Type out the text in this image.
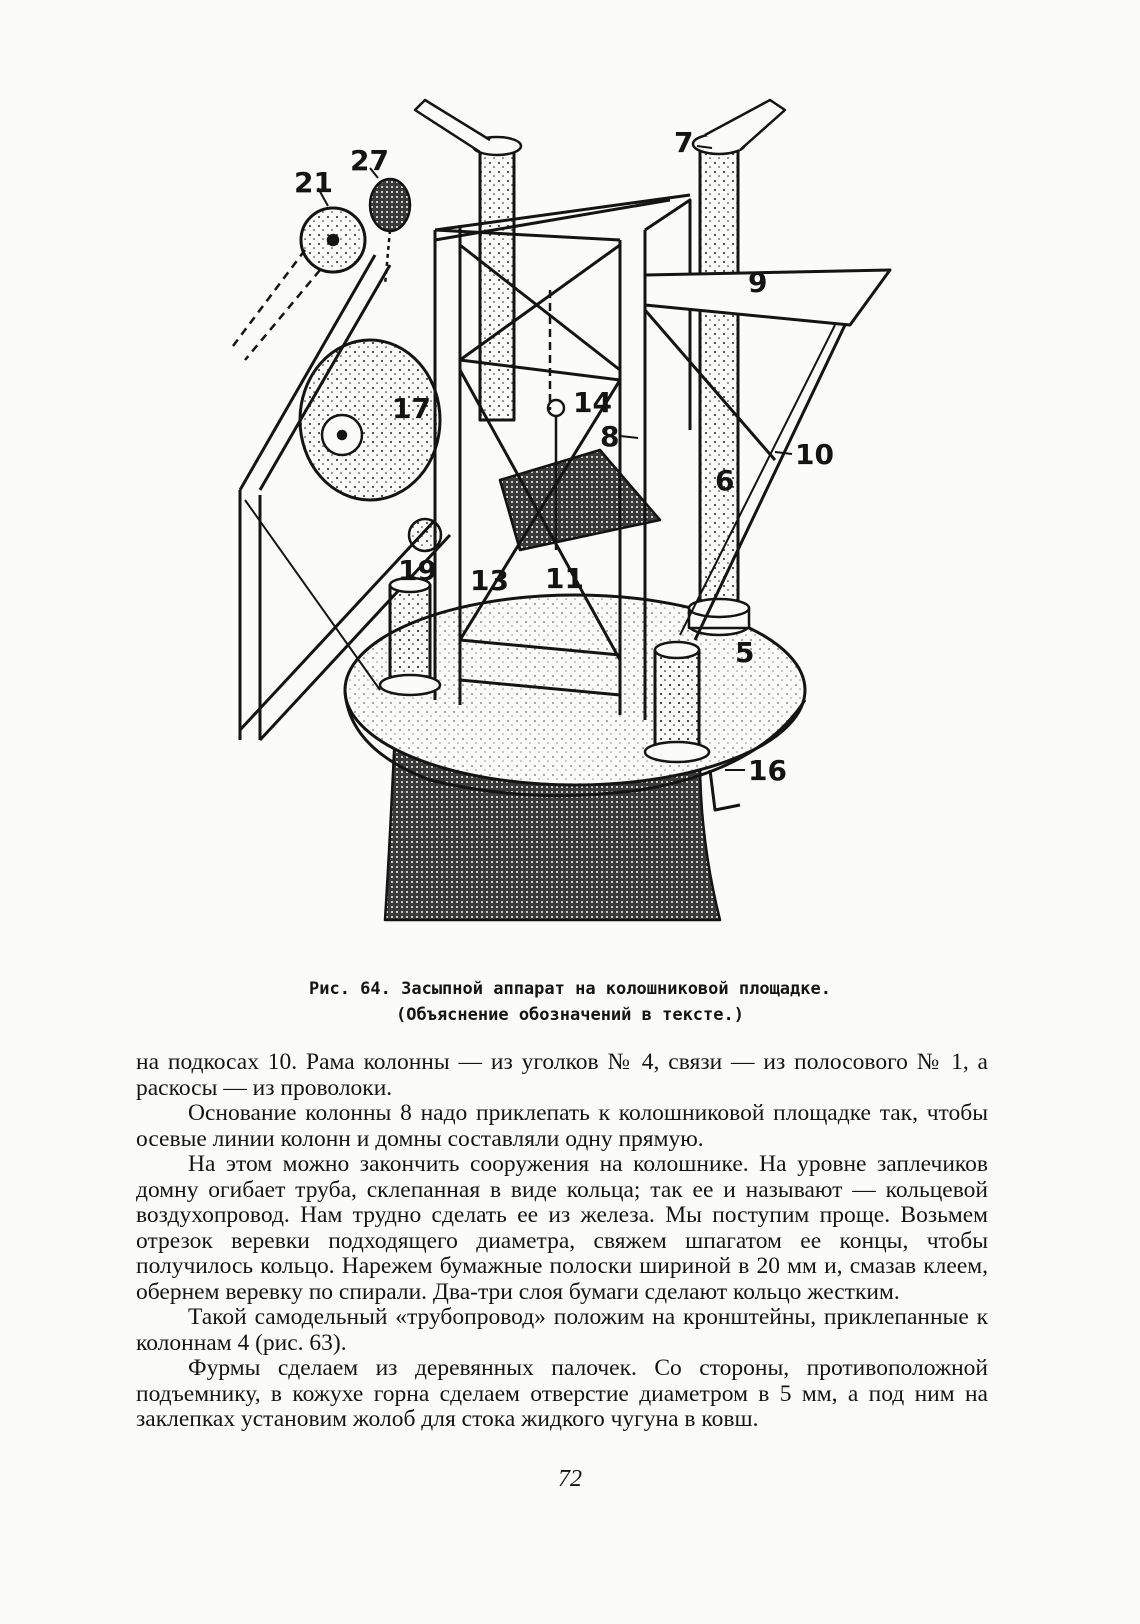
21
27
7
9
14
8
17
10
6
19 13 11
5
16
Рис. 64. Засыпной аппарат на колошниковой площадке.
(Объяснение обозначений в тексте.)

на подкосах 10. Рама колонны — из уголков № 4, связи — из полосового № 1, а раскосы — из проволоки.

Основание колонны 8 надо приклепать к колошниковой площадке так, чтобы осевые линии колонн и домны составляли одну прямую.

На этом можно закончить сооружения на колошнике. На уровне заплечиков домну огибает труба, склепанная в виде кольца; так ее и называют — кольцевой воздухопровод. Нам трудно сделать ее из железа. Мы поступим проще. Возьмем отрезок веревки подходящего диаметра, свяжем шпагатом ее концы, чтобы получилось кольцо. Нарежем бумажные полоски шириной в 20 мм и, смазав клеем, обернем веревку по спирали. Два-три слоя бумаги сделают кольцо жестким.

Такой самодельный «трубопровод» положим на кронштейны, приклепанные к колоннам 4 (рис. 63).

Фурмы сделаем из деревянных палочек. Со стороны, противоположной подъемнику, в кожухе горна сделаем отверстие диаметром в 5 мм, а под ним на заклепках установим жолоб для стока жидкого чугуна в ковш.

72
